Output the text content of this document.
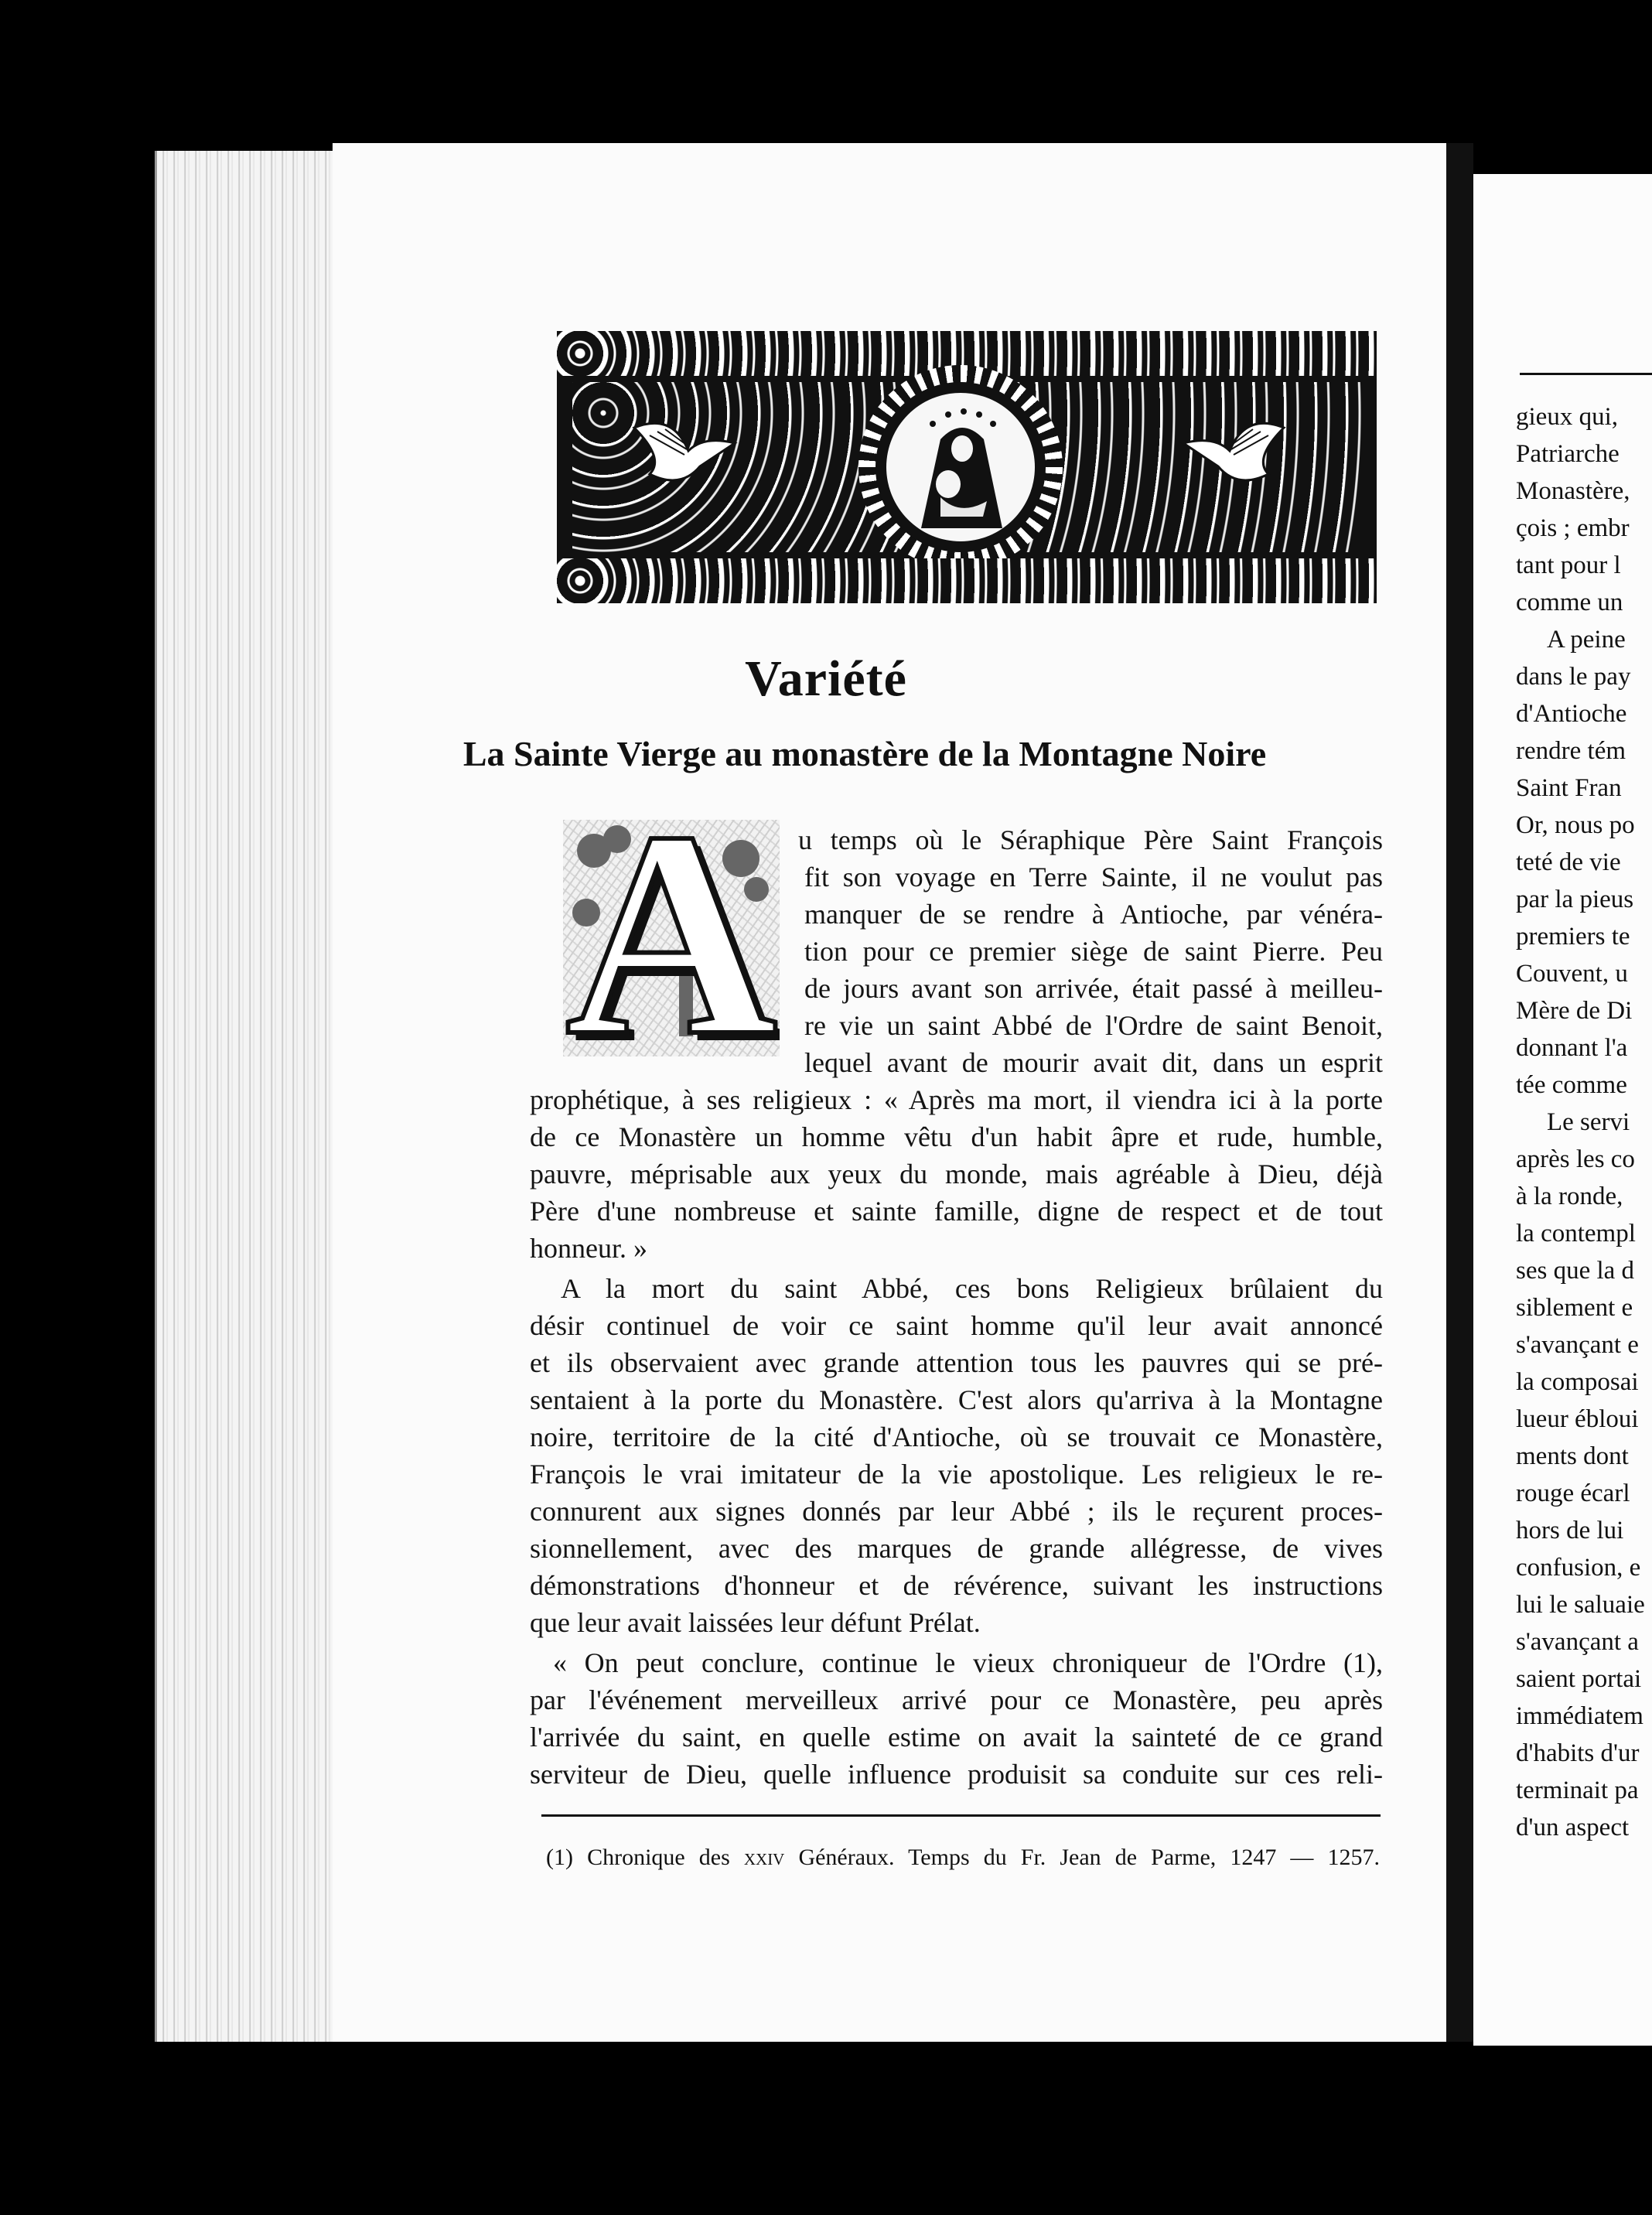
gieux qui,
Patriarche
Monastère,
çois ; embr
tant pour l
comme un
A peine
dans le pay
d'Antioche
rendre tém
Saint Fran
Or, nous po
teté de vie
par la pieus
premiers te
Couvent, u
Mère de Di
donnant l'a
tée comme
Le servi
après les co
à la ronde,
la contempl
ses que la d
siblement e
s'avançant e
la composai
lueur ébloui
ments dont
rouge écarl
hors de lui
confusion, e
lui le saluaie
s'avançant a
saient portai
immédiatem
d'habits d'ur
terminait pa
d'un aspect
Variété
La Sainte Vierge au monastère de la Montagne Noire
A u temps où le Séraphique Père Saint François
fit son voyage en Terre Sainte, il ne voulut pas
manquer de se rendre à Antioche, par vénéra-
tion pour ce premier siège de saint Pierre. Peu
de jours avant son arrivée, était passé à meilleu-
re vie un saint Abbé de l'Ordre de saint Benoit,
lequel avant de mourir avait dit, dans un esprit
prophétique, à ses religieux : « Après ma mort, il viendra ici à la porte
de ce Monastère un homme vêtu d'un habit âpre et rude, humble,
pauvre, méprisable aux yeux du monde, mais agréable à Dieu, déjà
Père d'une nombreuse et sainte famille, digne de respect et de tout
honneur. »
A la mort du saint Abbé, ces bons Religieux brûlaient du
désir continuel de voir ce saint homme qu'il leur avait annoncé
et ils observaient avec grande attention tous les pauvres qui se pré-
sentaient à la porte du Monastère. C'est alors qu'arriva à la Montagne
noire, territoire de la cité d'Antioche, où se trouvait ce Monastère,
François le vrai imitateur de la vie apostolique. Les religieux le re-
connurent aux signes donnés par leur Abbé ; ils le reçurent proces-
sionnellement, avec des marques de grande allégresse, de vives
démonstrations d'honneur et de révérence, suivant les instructions
que leur avait laissées leur défunt Prélat.
« On peut conclure, continue le vieux chroniqueur de l'Ordre (1),
par l'événement merveilleux arrivé pour ce Monastère, peu après
l'arrivée du saint, en quelle estime on avait la sainteté de ce grand
serviteur de Dieu, quelle influence produisit sa conduite sur ces reli-
(1) Chronique des xxiv Généraux. Temps du Fr. Jean de Parme, 1247 — 1257.
